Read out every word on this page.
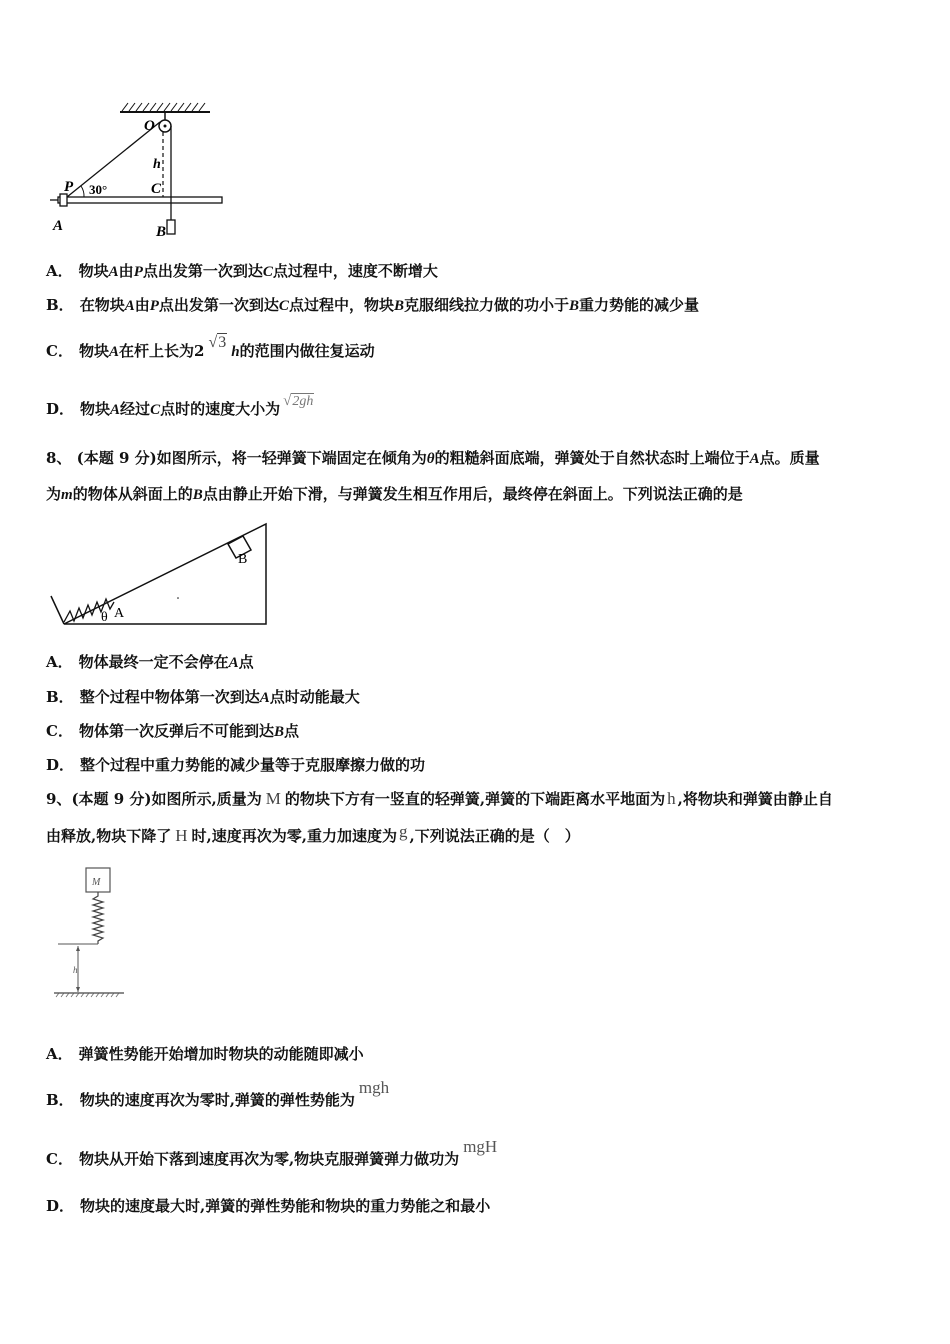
O
h
P 30°	C
A	B
A． 物块A由P点出发第一次到达C点过程中，速度不断增大
B． 在物块A由P点出发第一次到达C点过程中，物块B克服细线拉力做的功小于B重力势能的减少量
C． 物块A在杆上长为2 √3h的范围内做往复运动
D． 物块A经过C点时的速度大小为 √2gh
8、 (本题 9 分)如图所示，将一轻弹簧下端固定在倾角为θ的粗糙斜面底端，弹簧处于自然状态时上端位于A点。质量
为m的物体从斜面上的B点由静止开始下滑，与弹簧发生相互作用后，最终停在斜面上。下列说法正确的是
B
θ A
A． 物体最终一定不会停在A点
B． 整个过程中物体第一次到达A点时动能最大
C． 物体第一次反弹后不可能到达B点
D． 整个过程中重力势能的减少量等于克服摩擦力做的功
9、(本题 9 分)如图所示,质量为 M 的物块下方有一竖直的轻弹簧,弹簧的下端距离水平地面为 h ,将物块和弹簧由静止自
由释放,物块下降了 H 时,速度再次为零,重力加速度为 g ,下列说法正确的是（　）
M
h
A． 弹簧性势能开始增加时物块的动能随即减小
B． 物块的速度再次为零时,弹簧的弹性势能为mgh
C． 物块从开始下落到速度再次为零,物块克服弹簧弹力做功为mgH
D． 物块的速度最大时,弹簧的弹性势能和物块的重力势能之和最小
